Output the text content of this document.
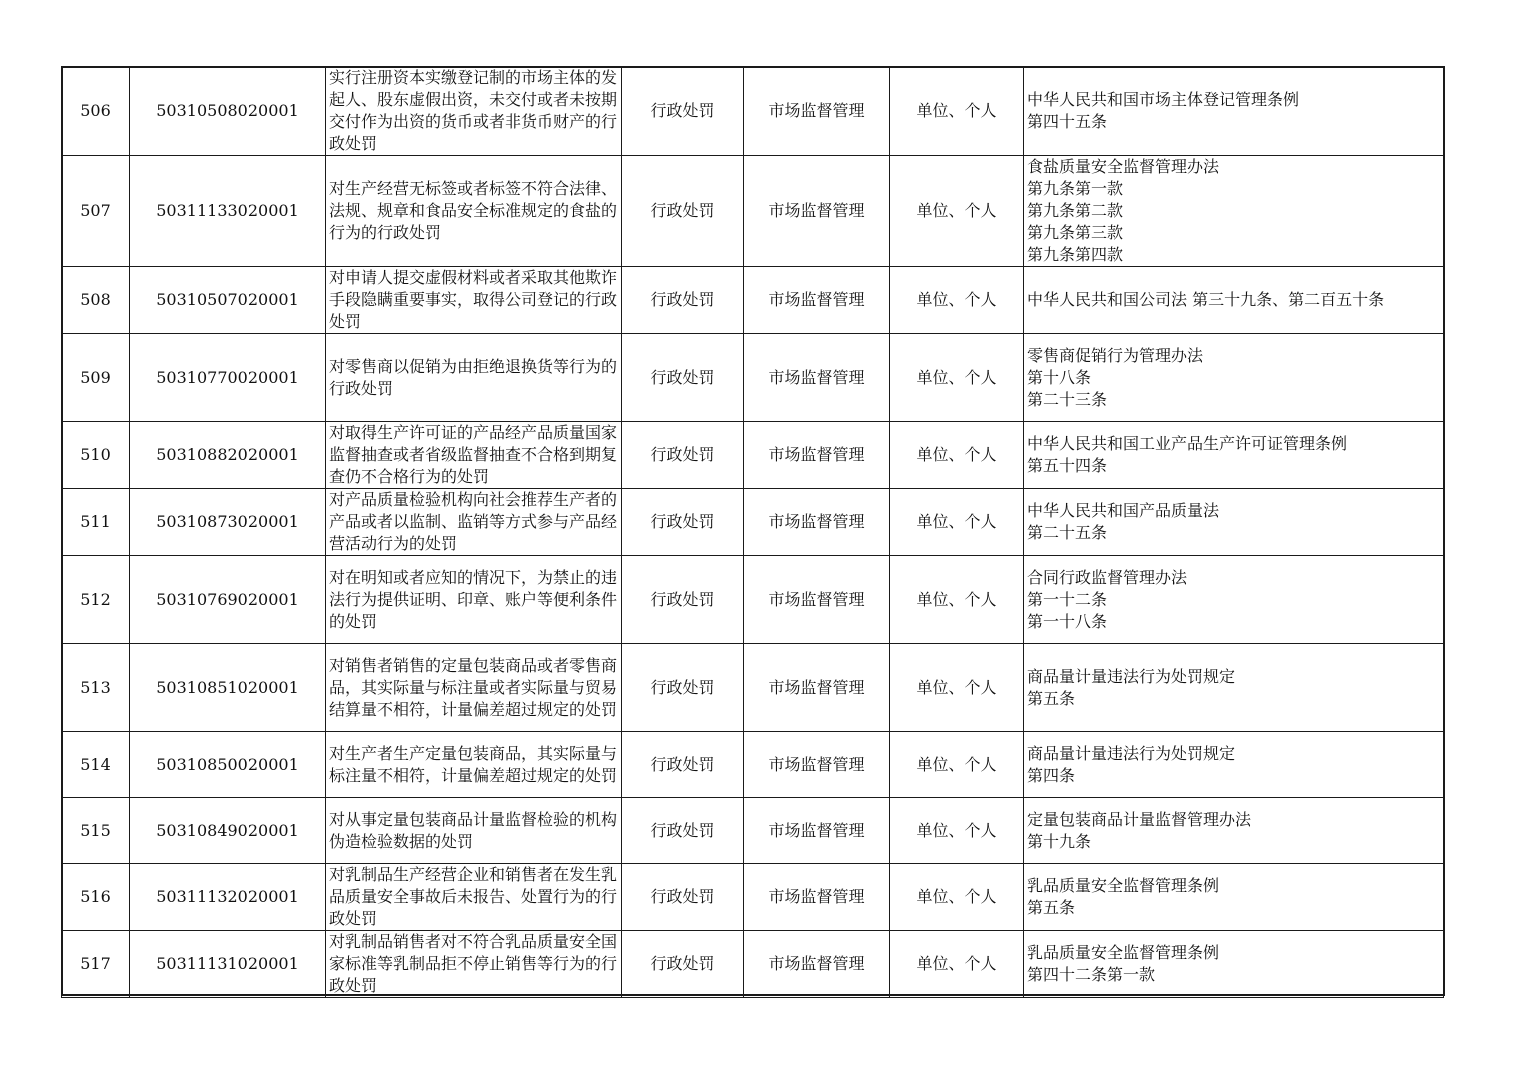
506	50310508020001	实行注册资本实缴登记制的市场主体的发起人、股东虚假出资，未交付或者未按期交付作为出资的货币或者非货币财产的行政处罚	行政处罚	市场监督管理	单位、个人	中华人民共和国市场主体登记管理条例
第四十五条

507	50311133020001	对生产经营无标签或者标签不符合法律、法规、规章和食品安全标准规定的食盐的行为的行政处罚	行政处罚	市场监督管理	单位、个人	食盐质量安全监督管理办法
第九条第一款
第九条第二款
第九条第三款
第九条第四款

508	50310507020001	对申请人提交虚假材料或者采取其他欺诈手段隐瞒重要事实，取得公司登记的行政处罚	行政处罚	市场监督管理	单位、个人	中华人民共和国公司法 第三十九条、第二百五十条

509	50310770020001	对零售商以促销为由拒绝退换货等行为的行政处罚	行政处罚	市场监督管理	单位、个人	零售商促销行为管理办法
第十八条
第二十三条

510	50310882020001	对取得生产许可证的产品经产品质量国家监督抽查或者省级监督抽查不合格到期复查仍不合格行为的处罚	行政处罚	市场监督管理	单位、个人	中华人民共和国工业产品生产许可证管理条例
第五十四条

511	50310873020001	对产品质量检验机构向社会推荐生产者的产品或者以监制、监销等方式参与产品经营活动行为的处罚	行政处罚	市场监督管理	单位、个人	中华人民共和国产品质量法
第二十五条

512	50310769020001	对在明知或者应知的情况下，为禁止的违法行为提供证明、印章、账户等便利条件的处罚	行政处罚	市场监督管理	单位、个人	合同行政监督管理办法
第一十二条
第一十八条

513	50310851020001	对销售者销售的定量包装商品或者零售商品，其实际量与标注量或者实际量与贸易结算量不相符，计量偏差超过规定的处罚	行政处罚	市场监督管理	单位、个人	商品量计量违法行为处罚规定
第五条

514	50310850020001	对生产者生产定量包装商品，其实际量与标注量不相符，计量偏差超过规定的处罚	行政处罚	市场监督管理	单位、个人	商品量计量违法行为处罚规定
第四条

515	50310849020001	对从事定量包装商品计量监督检验的机构伪造检验数据的处罚	行政处罚	市场监督管理	单位、个人	定量包装商品计量监督管理办法
第十九条

516	50311132020001	对乳制品生产经营企业和销售者在发生乳品质量安全事故后未报告、处置行为的行政处罚	行政处罚	市场监督管理	单位、个人	乳品质量安全监督管理条例
第五条

517	50311131020001	对乳制品销售者对不符合乳品质量安全国家标准等乳制品拒不停止销售等行为的行政处罚	行政处罚	市场监督管理	单位、个人	乳品质量安全监督管理条例
第四十二条第一款
